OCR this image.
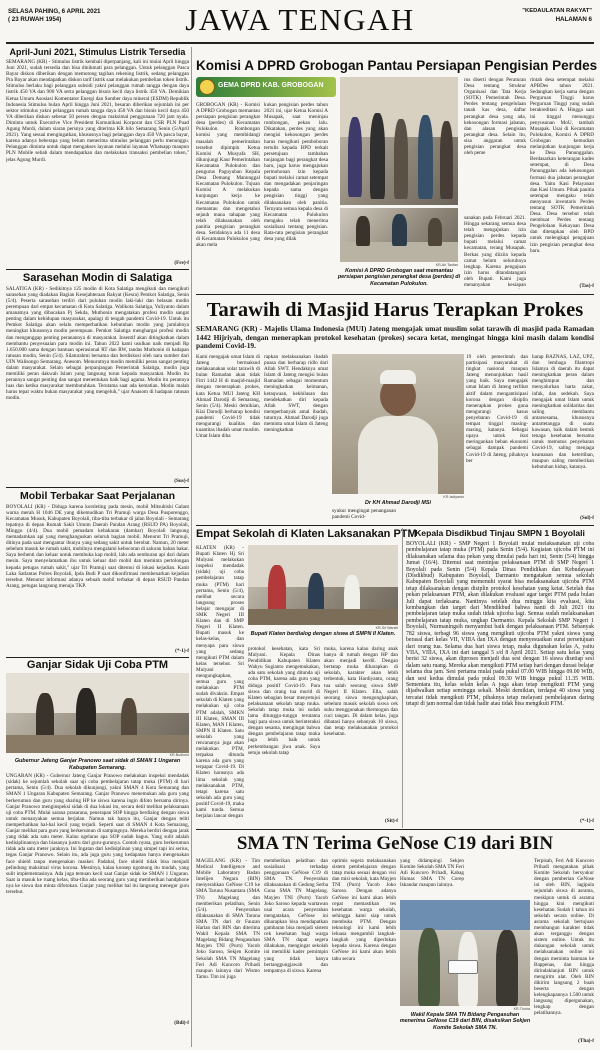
SELASA PAHING, 6 APRIL 2021
( 23 RUWAH 1954)	JAWA TENGAH	"KEDAULATAN RAKYAT"
HALAMAN 6
April-Juni 2021, Stimulus Listrik Tersedia
SEMARANG (KR) - Stimulus listrik kembali diperpanjang, kali ini mulai April hingga Juni 2021, sudah tersedia dan bisa dinikmati para pelanggan. Untuk pelanggan Pasca Bayar diskon diberikan dengan memotong tagihan rekening listrik, sedang pelanggan Pra Bayar akan mendapatkan diskon tarif listrik saat melakukan pembelian token listrik. Stimulus berlaku bagi pelanggan subsidi yakni pelanggan rumah tangga dengan daya listrik 450 VA dan 900 VA serta pelanggan bisnis kecil daya listrik 450 VA. Demikian Ketua Umum Asosiasi Komentator Energi dan Sumber daya mineral (ESDM) Republik Indonesia Stimulus bulan April hingga Juni 2021, besaran diberikan sejumlah ini per sektor stimulus yakni pelanggan rumah tangga daya 450 VA dan bisnis kecil daya 450 VA diberikan diskon sebesar 50 persen dengan maksimal penggunaan 720 jam nyala. Diminta untuk Executive Vice President Komunikasi Korporat dan CSR PLN Puad Agung Murdi, dalam siaran persnya yang diterima KR bilo Semarang Senin (5/April 2021). Yang sesuai mengingatkan, khususnya bagi pelanggan daya 450 VA pasca bayar, karena adanya beberapa yang belum menerima stimulus pelanggan perlu menunggu. Pelanggan diminta untuk dapat mengakses layanan melalui layanan Whatsapp maupun PLN Mobile sebab dalam mendapatkan dan melakukan transaksi pembelian token," jelas Agung Murdi.
(Fre)-f
Sarasehan Modin di Salatiga
SALATIGA (KR) - Sedikitnya 125 modin di Kota Salatiga mengikuti dan mengikuti sarasehan yang diadakan Bagian Kesejahteraan Rakyat (Kesra) Pemkot Salatiga, Senin (5/4). Peserta sarasehan terdiri dari puluhan modin laki-laki dan belasan modin perempuan dari empat kecamatan di Kota Salatiga. Walikota Salatiga, Yuliyanto dalam amanatnya yang dibacakan Pj Sekda, Muthonin mengatakan profesi modin sangat penting dalam kehidupan masyarakat, apalagi di tengah pandemi Covid-19. Untuk itu Pemkot Salatiga akan selalu memperhatikan kebutuhan modin yang jumlahnya meningkat khususnya modin perempuan. Pemkot Salatiga menghargai profesi modin dan menganggap penting peranannya di masyarakat. Insentif akan ditingkatkan dalam membantu penyesuaian para modin ini. Tahun 2022 kami usulkan naik menjadi Rp 1.650.000 sama dengan bantuan operasional RT dan RW, tandas Muthonin di hadapan ratusan modin, Senin (5/4). Silaturahmi bersama dan berdiskusi oleh nara sumber dari UIN Walisongo Semarang. Anesom. Menurutnya modin memiliki peran sangat penting dalam masyarakat. Selain sebagai perpanjangan Pemerintah Salatiga, modin juga memiliki peran dakwah Islam yang langsung turun kepada masyarakat. Modin itu perannya sangat penting dan sangat menentukan baik bagi agama. Modin itu perannya luas dan ketika masyarakat membutuhkan. Terutama saat ada kematian. Modin malah harus tepat waktu bukan masyarakat yang mengeluh," ujar Anasom di hadapan ratusan modin.
(Sus)-f
Mobil Terbakar Saat Perjalanan
BOYOLALI (KR) - Diduga karena korsleting pada mesin, mobil Mitsubishi Galant warna merah H 1046 DE yang dikemudikan Tri Pramuji warga Desa Pusporenggo, Kecamatan Musuk, Kabupaten Boyolali, tiba-tiba terbakar di jalan Boyolali - Semarang tepatnya di depan Rumah Sakit Umum Daerah Pandan Arang (RSUD PA) Boyolali, Minggu (4/4). Dua mobil pemadam kebakaran (damkar) Boyolali langsung memadamkan api yang menghanguskan seluruh bagian mobil. Menurut Tri Pramuji, ditinya pada saat mengantar ibunya yang sedang sakit untuk berobat. Namun, 20 meter sebelum masuk ke rumah sakit, mobilnya mengalami kebocoran di saluran bahan bakar. Saya berhenti dan keluar untuk membuka kap mobil, lalu ada semburan api dari dalam mesin. Saya menyelamatkan ibu untuk keluar dari mobil dan meminta pertolongan kepada petugas rumah sakit," ujar Tri Pramuji saat ditemui di lokasi kejadian. Kanit Laka Satlantas Polres Boyolali, Ipda Budi P saat dikonfirmasi membenarkan kejadian tersebut. Menurut informasi adanya sebuah mobil terbakar di depan RSUD Pandan Arang, petugas langsung menuju TKP.
(*-1)-f
Ganjar Sidak Uji Coba PTM
KR-Budiono
Gubernur Jateng Ganjar Pranowo saat sidak di SMAN 1 Ungaran Kabupaten Semarang.
UNGARAN (KR) - Gubernur Jateng Ganjar Pranowo melakukan inspeksi mendadak (sidak) ke sejumlah sekolah saat uji coba pembelajaran tatap muka (PTM) di hari pertama, Senin (5/4). Dua sekolah dikunjungi, yakni SMAN 4 Kota Semarang dan SMAN 1 Ungaran Kabupaten Semarang. Ganjar Pranowo menemukan ada guru yang berkerumun dan guru yang sharing HP ke siswa karena ingin difoto bersama dirinya. Ganjar Pranowo menginspeksi sidak di dua lokasi itu, secara detil melihat pelaksanaan uji coba PTM. Mulai sarana prasarana, penerapan SOP hingga berdialog dengan siswa untuk menanyakan semua berjalan. Namun tak hanya itu, Ganjar dengan teliti memperhatikan hal-hal kecil yang terjadi. Seperti saat di SMAN 4 Kota Semarang, Ganjar melihat para guru yang berkerumun di sampingnya. Mereka berdiri dengan jarak yang tidak ada satu meter. Kalau ngelaras apa SOP sudah bagus. Yang sulit adalah kedisiplinannya dan biasanya justru dari guru-gurunya. Contoh nyata, guru berkerumun tidak ada satu meter jaraknya. Ini Ingatan dari kedisiplinan yang simpel tapi ini serius, tegas Ganjar Pranowo. Selain itu, ada juga guru yang kedapatan hanya mengenakan face shield tanpa mengenakan masker. Padahal, face shield tidak bisa menjadi pelindung maksimal virus korona. Mestinya, kalau konsep ngomong itu mudah, yang sulit implementasinya. Ada juga temuan kecil saat Ganjar sidak ke SMAN 1 Ungaran. Saat ia masuk ke ruang kelas, tiba-tiba ada seorang guru yang memberikan handphone nya ke siswa dan minta difotokan. Ganjar yang melihat hal itu langsung menegur guru tersebut.
(Bdi)-f
Komisi A DPRD Grobogan Pantau Persiapan Pengisian Perdes
GEMA DPRD KAB. GROBOGAN
GROBOGAN (KR) - Komisi A DPRD Grobogan memantau persiapan pengisian perangkat desa (perdes) di Kecamatan Pulokulon. Rombongan komisi yang membidangi masalah pemerintahan tersebut dipimpin Ketua Komisi A Musyafa SH, dikunjungi Kaur Pemerintahan Kecamatan Pulokulon dan pengurus Paguyuban Kepala Desa Demang Manunggal Kecamatan Pulokulon. Tujuan Komisi A melakukan kunjungan kerja ke Kecamatan Pulokulon untuk memantau dan mengetahui sejauh mana tahapan yang telah dilaksanakan oleh panitia pengisian perangkat desa. Setidaknya ada 11 desa di Kecamatan Pulokulon yang akan mela
kukan pengisian perdes tahun 2021 ini, ujar Ketua Komisi A Musapak, saat meninjau rombongan, pekan lalu. Dikatakan, perdes yang akan mengisi kekosongan perdes harus mengikuti pemboboran tertulis kepada BPD terkait persetujuan tambahan tunjangan bagi perangkat desa baru, juga harus mengajukan permohonan izin kepada bupati melalui camat setempat dan mengadakan penjaringan kepada sama dengan pengisian tinggi yang dilaksanakan oleh panitia. Ternyata semua kepala desa di Kecamatan Pulokulon mengaku telah menerima sosialisasi tentang pengisian. Rata-rata pengisian perangkat desa yang dilak
KR-Ari Taufan
Komisi A DPRD Grobogan saat memantau persiapan pengisian perangkat desa (perdes) di Kecamatan Pulokulon.
rus diserti dengan Peraturan Desa tentang Struktur Organisasi dan Tata Kerja (SOTK) Pemerintah Desa. Perdes tentang pengelolaan tanah kas desa, daftar perangkat desa yang ada, kekosongan formasi jabatan, dan alasan pengisian perangkat desa. Selain itu, sisa anggaran untuk pengisian perangkat desa oleh peme
rintah desa setempat melalui APBDes tahun 2021. Sedangkan kerja sama dengan Perguruan Tinggi harus Perguruan Tinggi yang sudah berakreditasi A. Hingga saat ini tinggal menunggu penyusunan MoU, tambah Musapak. Usai di Kecamatan Pulokulon, Komisi A DPRD Grobogan kemudian melanjutkan kunjungan kerja ke Desa Panunggalan. Berdasarkan keterangan kades setempat, di Desa Panunggalan ada kekosongan formasi dua jabatan perangkat desa. Yaitu Kasi Pelayanan dan Kasi Umum. Pihak panitia setempat mengaku telah menyusun inventaris Perdes tentang SOTK Pemerintah Desa. Desa tersebut telah membuat Perdes tentang Pengelolaan Kekayaan Desa dan ditetapkan oleh BPD untuk melengkapi pengajuan izin pengisian perangkat desa baru.
(Tas)-f
sanakan pada Februari 2021. Hingga sekarang semua desa telah mengajukan izin pengisian perdes kepada bupati melalui camat kecamatan, terang Musapak. Berkas yang diiziin kepada camat belum seluruhnya lengkap. Karena pengajuan izin harus ditandatangani oleh Bupati. Kami juga menanyakan kesiapan
Tarawih di Masjid Harus Terapkan Prokes
SEMARANG (KR) - Majelis Ulama Indonesia (MUI) Jateng mengajak umat muslim solat tarawih di masjid pada Ramadan 1442 Hijriyah, dengan menerapkan protokol kesehatan (prokes) secara ketat, mengingat hingga kini masih dalam kondisi pandemi Covid-19.
Kami mengajak umat Islam di Jateng bermaksud melaksanakan solat tarawih di bulan Ramadan akan tidak Fitri 1442 H di masjid-masjid dengan menerapkan prokes, kata Ketua MUI Jateng KH Ahmad Darodji di Semarang, Senin (5/4). Meski demikian, Kiai Darodji berharap kondisi pandemi Covid-19 tidak mengurangi kualitas dan kuantitas ibadah umat muslim. Umat Islam diha
rapkan melaksanakan ibadah puasa dan berharap ridlo dari Allah SWT. Hendaknya umat Islam di Jateng mengisi bulan Ramadan sebagai momentum meningkatkan keimanan, ketaqwaan, kekhilasan dan mendekatkan diri kepada Allah SWT, dengan memperbanyak amal ibadah, tuturnya. Ahmad Darodji juga meminta umat Islam di Jateng meningkatkan
KR-Isdiyanto
Dr KH Ahmad Darodji MSi
syukur mengingat penanganan pandemi Covid-
19 oleh pemerintah dan partisipasi masyarakat di tingkat nasional maupun Jateng menunjukkan hasil yang baik. Saya mengajak umat Islam di Jateng terlibat aktif dalam mengantisipasi korona dengan disiplin menerapkan prokes guna mengurangi kasus penyebaran Covid-19 di tempat tinggal masing-masing, katanya. Sebagai upaya untuk ikut meringankan beban ekonomi sebagai dampak pandemi Covid-19 di Jateng, pihaknya ber
harap BAZNAS, LAZ, UPZ, dan lembaga filantropi Islamya di daerah itu dapat meningkatkan peran dalam menghimpun dan menyalurkan harta zakat, infak, dan sedekah. Saya mengajak umat Islam untuk meningkatkan solidaritas dan saling membantu antarsesama, khususnya antartetangga di suatu kawasan, baik dalam bentuk tenaga kesehatan bersama untuk memutus penyebaran Covid-19, saling menjaga keamanan dan ketertiban, maupun saling memberikan kebutuhan hidup, katanya.
(Sol)-f
Empat Sekolah di Klaten Laksanakan PTM
KLATEN (KR) - Bupati Klaten Hj Sri Mulyani melakukan inspeksi mendadak (sidak) uji coba pembelajaran tatap muka (PTM) hari pertama, Senin (5/4), melihat secara langsung proses belajar mengajar di SMK Negeri III Klaten dan di SMP Negeri II Klaten. Bupati masuk ke kelas-kelas, dan menyapa para siswa yang sedang mengikuti PTM dalam kelas tersebut. Sri Mulyani mengungkapkan, semua guru yang melakukan PTM sudah divaksin. Empat sekolah di Klaten yang melakukan uji coba PTM adalah, SMKN III Klaten, SMAN III Klaten, MAN I Klaten, SMPN II Klaten. Satu sekolah yang rencananya juga akan melakukan PTM, terpaksa ditunda karena ada guru yang terpapar Covid-19. Di Klaten harusnya ada lima sekolah yang melaksanakan PTM, tetapi karena satu sekolah ada guru yang positif Covid-19, maka kami tunda. Semua berjalan lancar dengan
KR-Sri Warsiti
Bupati Klaten berdialog dengan siswa di SMPN II Klaten.
protokol kesehatan, kata Sri Mulyani. Kepala Dinas Pendidikan Kabupaten Klaten Wahyu Sugianto mengemukakan, ada satu sekolah yang ditunda uji coba PTM, karena ada guru yang diduga positif Covid-19. Para siswa dan orang tua murid di Klaten sebagian besar menyetujui pelaksanaan sekolah tatap muka. Sekolah tatap muka ini sudah lama ditunggu-tunggu terutama bagi para siswa untuk berinteraksi dengan sesama, mengingat bahwa dengan pembelajaran tatap muka juga lebih baik untuk perkembangan jiwa anak. Saya setuju sekolah tatap
muka, karena kalau daring anak hanya di rumah dengan HP dan akan menjadi kerdil. Dengan bertatap muka diharapkan di sekolah, karakter akan lebih terbentuk, kata Hardiyanto, orang tua salah seorang siswa SMP Negeri II Klaten. Ella, salah seorang siswa mengungkapkan, sebelum masuk sekolah siswa cek suhu menggunakan thermogun dan cuci tangan. Di dalam kelas, juga dibatasi hanya sebanyak 10 siswa, dan tetap melaksanakan protokol kesehatan.
(Sit)-f
Kepala Disdikbud Tinjau SMPN 1 Boyolali
BOYOLALI (KR) - SMP Negeri 1 Boyolali mulai melaksanakan uji coba pembelajaran tatap muka (PTM) pada Senin (5/4). Kegiatan ujicoba PTM ini dilaksanakan selama dua pekan yang dimulai pada hari ini, Senin (5/4) hingga Jumat (16/4). Ditemui saat meninjau pelaksanaan PTM di SMP Negeri 1 Boyolali pada Senin (5/4) Kepala Dinas Pendidikan dan Kebudayaan (Disdikbud) Kabupaten Boyolali, Darmanto mengatakan semua sekolah Kabupaten Boyolali yang memenuhi syarat bisa melaksanakan ujicoba PTM tetap dilaksanakan dengan disiplin protokol kesehatan yang ketat. Setelah dua pekan pelaksanaan PTM, akan dilakukan evaluasi agar target PTM pada bulan Juli dapat terlaksana. Nantinya setelah dua minggu kita evaluasi, kita kembangkan dan target dari Mendikbud bahwa nanti di Juli 2021 itu pembelajaran tatap muka sudah tidak ujicoba lagi. Semua sudah melaksanakan pembelajaran tatap muka, ungkap Darmanto. Kepala Sekolah SMP Negeri 1 Boyolali, Nurmaningsih menyambut baik dengan pelaksanaan PTM. Sebanyak 782 siswa, terbagi 96 siswa yang mengikuti ujicoba PTM yakni siswa yang berasal dari kelas VII, VIIIA dan IXA dengan menyesuaikan surat persetujuan dari orang tua. Selama dua hari siswa tetap, maka digunakan kelas A, yaitu VIIA, VIIIA, IXA ini dari tanggal 5 s/d 8 April 2021. Setiap satu kelas yang berisi 32 siswa, akan diproses menjadi dua sesi dengan 16 siswa disetiap sesi dalam satu ruang. Mereka akan mengikuti PTM setiap hari dengan durasi belajar selama dua jam. Sesi pertama mulai pada pukul 07.00 WIB hingga 09.00 WIB, dan sesi kedua dimulai pada pukul 09.30 WIB hingga pukul 11.35 WIB. Sementara itu, kelas selain kelas A juga akan tetap mengikuti PTM yang dijadwalkan setiap seminggu sekali. Meski demikian, terdapat 40 siswa yang tercatat tidak mengikuti PTM, pihaknya tetap melayani pembelajaran daring tetapi di jam normal dan tidak hadir atau tidak bisa mengikuti PTM.
(*-1)-f
SMA TN Terima GeNose C19 dari BIN
MAGELANG (KR) - Tim Medical Intelligence and Mobile Laboratory Badan Intelijen Negara (BIN) menyerahkan GeNose C19 ke SMA Taruna Nusantara (SMA TN) Magelang dan memberikan pelatihan, Senin (5/4). Penyerahan dilaksanakan di SMA Taruna SMA TN dari dr Fauzan Harlan dari BIN dan diterima Wakil Kepala SMA TN Magelang Bidang Pengasuhan Mayjen TNI (Purn) Yacob Joko Saroso, Sekjen Komite Sekolah SMA TN Magelang Feri Adi Kuncoro Prihadi maupun lainnya dari Wismo Tamu. Tim ini juga
memberikan pelatihan dan sosialisasi terhadap penggunaan GeNose C19 di SMA TN. Penyerahan dilaksanakan di Gedung Serba Guna SMA TN Magelang. Mayjen TNI (Purn) Yacob Joko Saroso kepada wartawan usai acara penyerahan mengatakan, GeNose ini diharapkan bisa mendapatkan gambaran bisa menjadi sistem cek kesehatan bagi warga SMA TN dapat segera dilakukan, mengingat sekolah ini memiliki kader pemimpin yang tidak hanya bertanggungjawab dan tempatnya di siswa. Karena
optimis segera melaksanakan sistem pembelajaran dengan tatap muka sesuai dengan visi dan misi sekolah, kata Mayjen TNI (Purn) Yacob Joko Saroso. Dengan adanya GeNose ini kami akan lebih cepat memastikan tes kesehatan warga sekolah, sehingga kami siap untuk membuka PTM. Dengan teknologi ini kami lebih leluasa mengambil langkah-langkah yang diperlukan kepada siswa. Karena dengan GeNose ini kami akan lebih tahu secara
yang didampingi Sekjen Komite Sekolah SMA TN Feri Adi Kuncoro Prihadi, Kabag Humas SMA TN Corep Iskandar maupun lainnya.
KR-Thoha
Wakil Kepala SMA TN Bidang Pengasuhan menerima GeNose C19 dari BIN, disaksikan Sekjen Komite Sekolah SMA TN.
Terpisah, Feri Adi Kuncoro Prihadi mengatakan pihak Komite Sekolah bersyukur dengan pemberian GeNose ini oleh BIN, lagipula sejumlah siswa di asrama, meskipun untuk di asrama hingga kini mengikuti kesehatan. Sudah 1 tahun ini sekolah secara online. Di asrama sekolah bertujuan membangun karakter tidak akan terganggu dengan sistem online. Untuk itu dukungan sekolah untuk melaksanakan online ini dengan meminta bantuan ke Bappenas, dan hingga dirindaklanjuti BIN untuk mengirim alat. Oleh BIN dikirim langsung 2 buah beserta dengan kelengkapannya 1.500 untuk langsung dipergunakan, lengkap dengan pelatihannya.
(Tha)-f
